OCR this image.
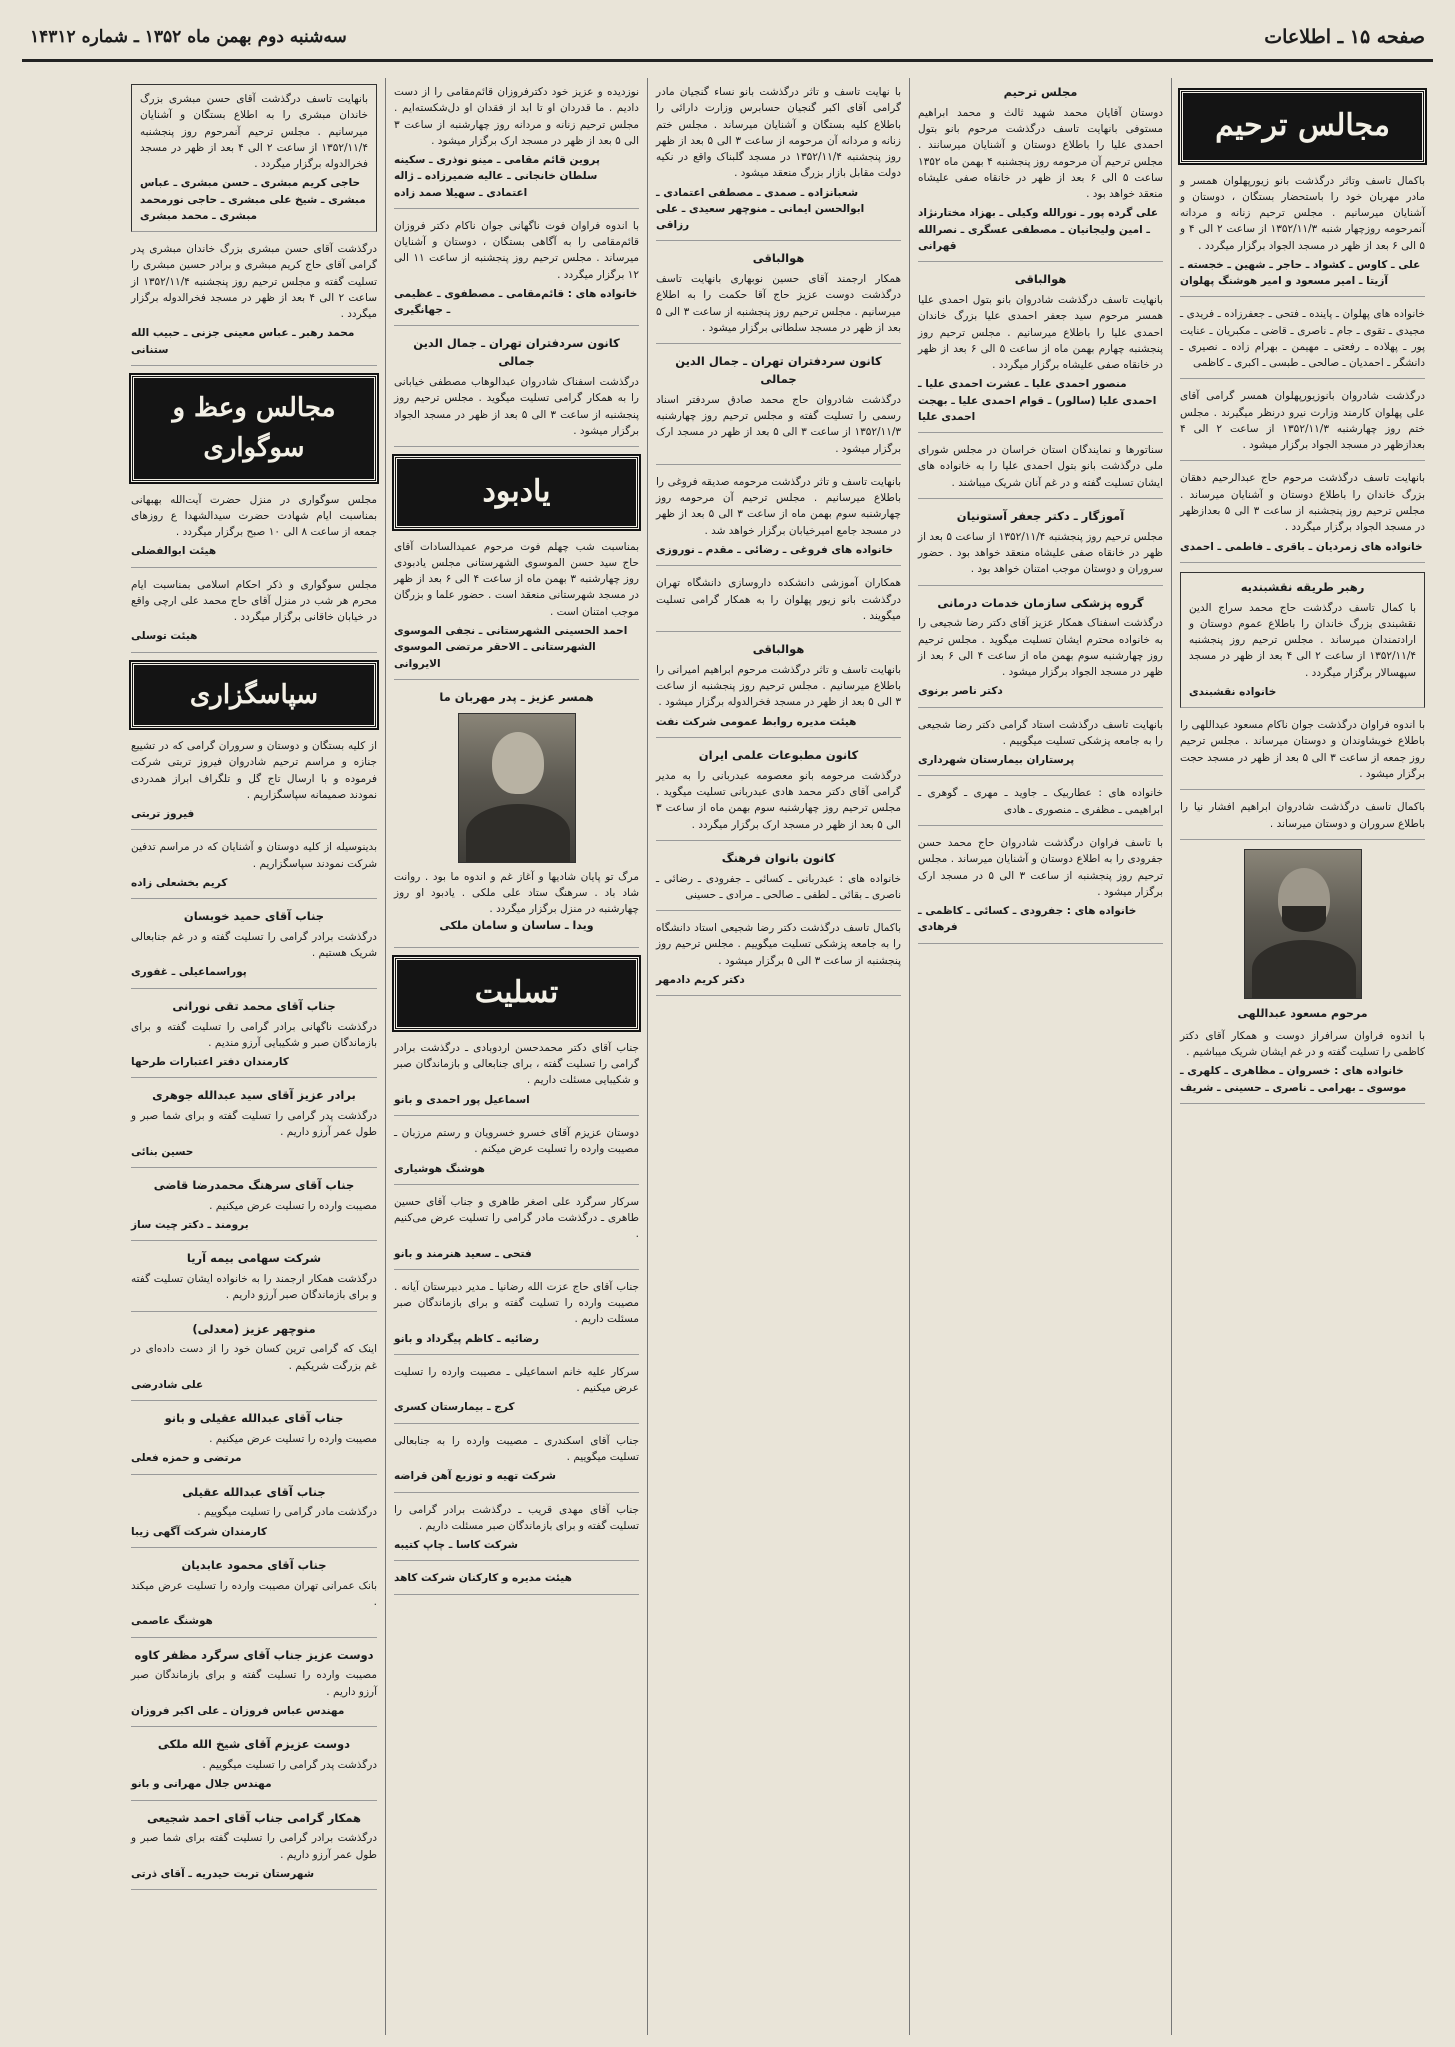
صفحه ۱۵ ـ اطلاعات
سه‌شنبه دوم بهمن ماه ۱۳۵۲ ـ شماره ۱۴۳۱۲
مجالس ترحیم

باکمال تاسف وتاثر درگذشت بانو زیورپهلوان همسر و مادر مهربان خود را باستحضار بستگان ، دوستان و آشنایان میرسانیم . مجلس ترحیم زنانه و مردانه آنمرحومه روزچهار شنبه ۱۳۵۲/۱۱/۳ از ساعت ۲ الی ۴ و ۵ الی ۶ بعد از ظهر در مسجد الجواد برگزار میگردد .

علی ـ کاوس ـ کشواد ـ حاجر ـ شهین ـ خجسته ـ آزیتا ـ امیر مسعود و امیر هوشنگ پهلوان

خانواده های پهلوان ـ پاینده ـ فتحی ـ جعفرزاده ـ فریدی ـ مجیدی ـ تقوی ـ جام ـ ناصری ـ قاضی ـ مکبریان ـ عنایت پور ـ پهلاده ـ رفعتی ـ مهیمن ـ بهرام زاده ـ نصیری ـ دانشگر ـ احمدیان ـ صالحی ـ طبسی ـ اکبری ـ کاظمی

درگذشت شادروان بانوزیورپهلوان همسر گرامی آقای علی پهلوان کارمند وزارت نیرو درنظر میگیرند . مجلس ختم روز چهارشنبه ۱۳۵۲/۱۱/۳ از ساعت ۲ الی ۴ بعدازظهر در مسجد الجواد برگزار میشود .

بانهایت تاسف درگذشت مرحوم حاج عبدالرحیم دهقان بزرگ خاندان را باطلاع دوستان و آشنایان میرساند . مجلس ترحیم روز پنجشنبه از ساعت ۳ الی ۵ بعدازظهر در مسجد الجواد برگزار میگردد .

خانواده های زمردیان ـ باقری ـ فاطمی ـ احمدی
رهبر طریقه نقشبندیه

با کمال تاسف درگذشت حاج محمد سراج الدین نقشبندی بزرگ خاندان را باطلاع عموم دوستان و ارادتمندان میرساند . مجلس ترحیم روز پنجشنبه ۱۳۵۲/۱۱/۴ از ساعت ۲ الی ۴ بعد از ظهر در مسجد سپهسالار برگزار میگردد .

خانواده نقشبندی

با اندوه فراوان درگذشت جوان ناکام مسعود عبداللهی را باطلاع خویشاوندان و دوستان میرساند . مجلس ترحیم روز جمعه از ساعت ۳ الی ۵ بعد از ظهر در مسجد حجت برگزار میشود .

باکمال تاسف درگذشت شادروان ابراهیم افشار نیا را باطلاع سروران و دوستان میرساند .

مرحوم مسعود عبداللهی

با اندوه فراوان سرافراز دوست و همکار آقای دکتر کاظمی را تسلیت گفته و در غم ایشان شریک میباشیم .

خانواده های : خسروان ـ مظاهری ـ کلهری ـ موسوی ـ بهرامی ـ ناصری ـ حسینی ـ شریف
مجلس ترحیم

دوستان آقایان محمد شهید ثالث و محمد ابراهیم مستوفی بانهایت تاسف درگذشت مرحوم بانو بتول احمدی علیا را باطلاع دوستان و آشنایان میرسانند . مجلس ترحیم آن مرحومه روز پنجشنبه ۴ بهمن ماه ۱۳۵۲ ساعت ۵ الی ۶ بعد از ظهر در خانقاه صفی علیشاه منعقد خواهد بود .

علی گرده پور ـ نورالله وکیلی ـ بهزاد مختارنژاد ـ امین ولیجانیان ـ مصطفی عسگری ـ نصرالله قهرانی
هوالباقی

بانهایت تاسف درگذشت شادروان بانو بتول احمدی علیا همسر مرحوم سید جعفر احمدی علیا بزرگ خاندان احمدی علیا را باطلاع میرسانیم . مجلس ترحیم روز پنجشنبه چهارم بهمن ماه از ساعت ۵ الی ۶ بعد از ظهر در خانقاه صفی علیشاه برگزار میگردد .

منصور احمدی علیا ـ عشرت احمدی علیا ـ احمدی علیا (سالور) ـ قوام احمدی علیا ـ بهجت احمدی علیا

سناتورها و نمایندگان استان خراسان در مجلس شورای ملی درگذشت بانو بتول احمدی علیا را به خانواده های ایشان تسلیت گفته و در غم آنان شریک میباشند .

آموزگار ـ دکتر جعفر آستونیان

مجلس ترحیم روز پنجشنبه ۱۳۵۲/۱۱/۴ از ساعت ۵ بعد از ظهر در خانقاه صفی علیشاه منعقد خواهد بود . حضور سروران و دوستان موجب امتنان خواهد بود .

گروه پزشکی سازمان خدمات درمانی

درگذشت اسفناک همکار عزیز آقای دکتر رضا شجیعی را به خانواده محترم ایشان تسلیت میگوید . مجلس ترحیم روز چهارشنبه سوم بهمن ماه از ساعت ۴ الی ۶ بعد از ظهر در مسجد الجواد برگزار میشود .

دکتر ناصر برنوی

بانهایت تاسف درگذشت استاد گرامی دکتر رضا شجیعی را به جامعه پزشکی تسلیت میگوییم .

پرستاران بیمارستان شهرداری

خانواده های : عطاربیک ـ جاوید ـ مهری ـ گوهری ـ ابراهیمی ـ مظفری ـ منصوری ـ هادی

با تاسف فراوان درگذشت شادروان حاج محمد حسن جفرودی را به اطلاع دوستان و آشنایان میرساند . مجلس ترحیم روز پنجشنبه از ساعت ۳ الی ۵ در مسجد ارک برگزار میشود .

خانواده های : جفرودی ـ کسائی ـ کاظمی ـ فرهادی

با نهایت تاسف و تاثر درگذشت بانو نساء گنجیان مادر گرامی آقای اکبر گنجیان حسابرس وزارت دارائی را باطلاع کلیه بستگان و آشنایان میرساند . مجلس ختم زنانه و مردانه آن مرحومه از ساعت ۳ الی ۵ بعد از ظهر روز پنجشنبه ۱۳۵۲/۱۱/۴ در مسجد گلبناک واقع در نکیه دولت مقابل بازار بزرگ منعقد میشود .

شعبانزاده ـ صمدی ـ مصطفی اعتمادی ـ ابوالحسن ایمانی ـ منوچهر سعیدی ـ علی رزاقی
هوالباقی

همکار ارجمند آقای حسین نوبهاری بانهایت تاسف درگذشت دوست عزیز حاج آقا حکمت را به اطلاع میرسانیم . مجلس ترحیم روز پنجشنبه از ساعت ۳ الی ۵ بعد از ظهر در مسجد سلطانی برگزار میشود .

کانون سردفتران تهران ـ جمال الدین جمالی

درگذشت شادروان حاج محمد صادق سردفتر اسناد رسمی را تسلیت گفته و مجلس ترحیم روز چهارشنبه ۱۳۵۲/۱۱/۳ از ساعت ۳ الی ۵ بعد از ظهر در مسجد ارک برگزار میشود .

بانهایت تاسف و تاثر درگذشت مرحومه صدیقه فروغی را باطلاع میرسانیم . مجلس ترحیم آن مرحومه روز چهارشنبه سوم بهمن ماه از ساعت ۳ الی ۵ بعد از ظهر در مسجد جامع امیرخیابان برگزار خواهد شد .

خانواده های فروغی ـ رضائی ـ مقدم ـ نوروزی

همکاران آموزشی دانشکده داروسازی دانشگاه تهران درگذشت بانو زیور پهلوان را به همکار گرامی تسلیت میگویند .

هوالباقی

بانهایت تاسف و تاثر درگذشت مرحوم ابراهیم امیرانی را باطلاع میرسانیم . مجلس ترحیم روز پنجشنبه از ساعت ۳ الی ۵ بعد از ظهر در مسجد فخرالدوله برگزار میشود .

هیئت مدیره روابط عمومی شرکت نفت
کانون مطبوعات علمی ایران

درگذشت مرحومه بانو معصومه عبدربانی را به مدیر گرامی آقای دکتر محمد هادی عبدربانی تسلیت میگوید . مجلس ترحیم روز چهارشنبه سوم بهمن ماه از ساعت ۳ الی ۵ بعد از ظهر در مسجد ارک برگزار میگردد .

کانون بانوان فرهنگ

خانواده های : عبدربانی ـ کسائی ـ جفرودی ـ رضائی ـ ناصری ـ بقائی ـ لطفی ـ صالحی ـ مرادی ـ حسینی

باکمال تاسف درگذشت دکتر رضا شجیعی استاد دانشگاه را به جامعه پزشکی تسلیت میگوییم . مجلس ترحیم روز پنجشنبه از ساعت ۳ الی ۵ برگزار میشود .

دکتر کریم دادمهر

نوزدیده و عزیز خود دکترفروزان قائم‌مقامی را از دست دادیم . ما قدردان او تا ابد از فقدان او دل‌شکسته‌ایم . مجلس ترحیم زنانه و مردانه روز چهارشنبه از ساعت ۳ الی ۵ بعد از ظهر در مسجد ارک برگزار میشود .

پروین قائم مقامی ـ مینو نوذری ـ سکینه سلطان خانجانی ـ عالیه ضمیرزاده ـ ژاله اعتمادی ـ سهیلا صمد زاده

با اندوه فراوان فوت ناگهانی جوان ناکام دکتر فروزان قائم‌مقامی را به آگاهی بستگان ، دوستان و آشنایان میرساند . مجلس ترحیم روز پنجشنبه از ساعت ۱۱ الی ۱۲ برگزار میگردد .

خانواده های : قائم‌مقامی ـ مصطفوی ـ عظیمی ـ جهانگیری
کانون سردفتران تهران ـ جمال الدین جمالی

درگذشت اسفناک شادروان عبدالوهاب مصطفی خیابانی را به همکار گرامی تسلیت میگوید . مجلس ترحیم روز پنجشنبه از ساعت ۳ الی ۵ بعد از ظهر در مسجد الجواد برگزار میشود .

یادبود

بمناسبت شب چهلم فوت مرحوم عمیدالسادات آقای حاج سید حسن الموسوی الشهرستانی مجلس یادبودی روز چهارشنبه ۳ بهمن ماه از ساعت ۴ الی ۶ بعد از ظهر در مسجد شهرستانی منعقد است . حضور علما و بزرگان موجب امتنان است .

احمد الحسینی الشهرستانی ـ نجفی الموسوی الشهرستانی ـ الاحقر مرتضی الموسوی الایروانی
همسر عزیز ـ پدر مهربان ما

مرگ تو پایان شادیها و آغاز غم و اندوه ما بود . روانت شاد باد . سرهنگ ستاد علی ملکی . یادبود او روز چهارشنبه در منزل برگزار میگردد .

ویدا ـ ساسان و سامان ملکی
تسلیت

جناب آقای دکتر محمدحسن اردوبادی ـ درگذشت برادر گرامی را تسلیت گفته ، برای جنابعالی و بازماندگان صبر و شکیبایی مسئلت داریم .

اسماعیل پور احمدی و بانو

دوستان عزیزم آقای خسرو خسرویان و رستم مرزبان ـ مصیبت وارده را تسلیت عرض میکنم .

هوشنگ هوشیاری

سرکار سرگرد علی اصغر طاهری و جناب آقای حسین طاهری ـ درگذشت مادر گرامی را تسلیت عرض می‌کنیم .

فتحی ـ سعید هنرمند و بانو

جناب آقای حاج عزت الله رضانیا ـ مدیر دبیرستان آیانه . مصیبت وارده را تسلیت گفته و برای بازماندگان صبر مسئلت داریم .

رضائیه ـ کاظم پیگرداد و بانو

سرکار علیه خانم اسماعیلی ـ مصیبت وارده را تسلیت عرض میکنیم .

کرج ـ بیمارستان کسری

جناب آقای اسکندری ـ مصیبت وارده را به جنابعالی تسلیت میگوییم .

شرکت تهیه و توزیع آهن قراضه

جناب آقای مهدی قریب ـ درگذشت برادر گرامی را تسلیت گفته و برای بازماندگان صبر مسئلت داریم .

شرکت کاسا ـ چاپ کتیبه
هیئت مدیره و کارکنان شرکت کاهد

بانهایت تاسف درگذشت آقای حسن مبشری بزرگ خاندان مبشری را به اطلاع بستگان و آشنایان میرسانیم . مجلس ترحیم آنمرحوم روز پنجشنبه ۱۳۵۲/۱۱/۴ از ساعت ۲ الی ۴ بعد از ظهر در مسجد فخرالدوله برگزار میگردد .

حاجی کریم مبشری ـ حسن مبشری ـ عباس مبشری ـ شیخ علی مبشری ـ حاجی نورمحمد مبشری ـ محمد مبشری

درگذشت آقای حسن مبشری بزرگ خاندان مبشری پدر گرامی آقای حاج کریم مبشری و برادر حسین مبشری را تسلیت گفته و مجلس ترحیم روز پنجشنبه ۱۳۵۲/۱۱/۴ از ساعت ۲ الی ۴ بعد از ظهر در مسجد فخرالدوله برگزار میگردد .

محمد رهبر ـ عباس معینی جزنی ـ حبیب الله ستنانی
مجالس وعظ و سوگواری

مجلس سوگواری در منزل حضرت آیت‌الله بهبهانی بمناسبت ایام شهادت حضرت سیدالشهدا ع روزهای جمعه از ساعت ۸ الی ۱۰ صبح برگزار میگردد .

هیئت ابوالفضلی

مجلس سوگواری و ذکر احکام اسلامی بمناسبت ایام محرم هر شب در منزل آقای حاج محمد علی ارچی واقع در خیابان خاقانی برگزار میگردد .

هیئت توسلی
سپاسگزاری

از کلیه بستگان و دوستان و سروران گرامی که در تشییع جنازه و مراسم ترحیم شادروان فیروز تربتی شرکت فرموده و با ارسال تاج گل و تلگراف ابراز همدردی نمودند صمیمانه سپاسگزاریم .

فیروز تربتی

بدینوسیله از کلیه دوستان و آشنایان که در مراسم تدفین شرکت نمودند سپاسگزاریم .

کریم بخشعلی زاده
جناب آقای حمید خوبسان

درگذشت برادر گرامی را تسلیت گفته و در غم جنابعالی شریک هستیم .

پوراسماعیلی ـ غفوری
جناب آقای محمد تقی نورانی

درگذشت ناگهانی برادر گرامی را تسلیت گفته و برای بازماندگان صبر و شکیبایی آرزو مندیم .

کارمندان دفتر اعتبارات طرحها
برادر عزیز آقای سید عبدالله جوهری

درگذشت پدر گرامی را تسلیت گفته و برای شما صبر و طول عمر آرزو داریم .

حسین بنائی
جناب آقای سرهنگ محمدرضا قاضی

مصیبت وارده را تسلیت عرض میکنیم .

برومند ـ دکتر چیت ساز
شرکت سهامی بیمه آریا

درگذشت همکار ارجمند را به خانواده ایشان تسلیت گفته و برای بازماندگان صبر آرزو داریم .

منوچهر عزیز (معدلی)

اینک که گرامی ترین کسان خود را از دست داده‌ای در غم بزرگت شریکیم .

علی شادرضی
جناب آقای عبدالله عقیلی و بانو

مصیبت وارده را تسلیت عرض میکنیم .

مرتضی و حمزه فعلی
جناب آقای عبدالله عقیلی

درگذشت مادر گرامی را تسلیت میگوییم .

کارمندان شرکت آگهی زیبا
جناب آقای محمود عابدیان

بانک عمرانی تهران مصیبت وارده را تسلیت عرض میکند .

هوشنگ عاصمی
دوست عزیز جناب آقای سرگرد مظفر کاوه

مصیبت وارده را تسلیت گفته و برای بازماندگان صبر آرزو داریم .

مهندس عباس فروزان ـ علی اکبر فروزان
دوست عزیزم آقای شیخ الله ملکی

درگذشت پدر گرامی را تسلیت میگوییم .

مهندس جلال مهرانی و بانو
همکار گرامی جناب آقای احمد شجیعی

درگذشت برادر گرامی را تسلیت گفته برای شما صبر و طول عمر آرزو داریم .

شهرستان تربت حیدریه ـ آقای ذرتی
